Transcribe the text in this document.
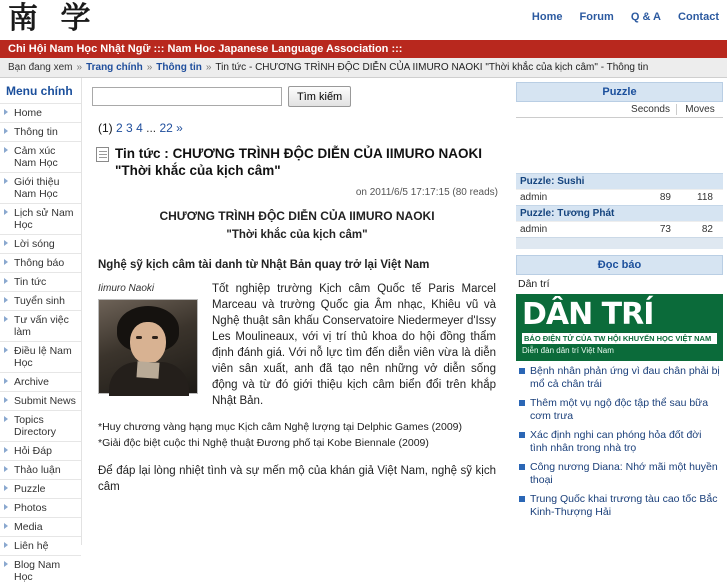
南 学	Home Forum Q & A Contact
Chi Hội Nam Học Nhật Ngữ ::: Nam Hoc Japanese Language Association :::
Bạn đang xem » Trang chính » Thông tin » Tin tức - CHƯƠNG TRÌNH ĐỘC DIỄN CỦA IIMURO NAOKI "Thời khắc của kịch câm" - Thông tin
Menu chính
Home
Thông tin
Cảm xúc Nam Học
Giới thiệu Nam Học
Lịch sử Nam Học
Lời sóng
Thông báo
Tin tức
Tuyển sinh
Tư vấn việc làm
Điều lệ Nam Học
Archive
Submit News
Topics Directory
Hỏi Đáp
Thảo luận
Puzzle
Photos
Media
Liên hệ
Blog Nam Học
Tìm kiếm
(1) 2 3 4 ... 22 »
Tin tức : CHƯƠNG TRÌNH ĐỘC DIỄN CỦA IIMURO NAOKI "Thời khắc của kịch câm"
on 2011/6/5 17:17:15 (80 reads)
CHƯƠNG TRÌNH ĐỘC DIỄN CỦA IIMURO NAOKI
"Thời khắc của kịch câm"
Nghệ sỹ kịch câm tài danh từ Nhật Bản quay trở lại Việt Nam
Iimuro Naoki	Tốt nghiệp trường Kịch câm Quốc tế Paris Marcel Marceau và trường Quốc gia Âm nhạc, Khiêu vũ và Nghệ thuật sân khấu Conservatoire Niedermeyer d'Issy Les Moulineaux, với vị trí thủ khoa do hội đồng thẩm định đánh giá. Với nỗ lực tìm đến diễn viên vừa là diễn viên sân xuất, anh đã tạo nên những vở diễn sống động và từ đó giới thiệu kịch câm biển đổi trên khắp Nhật Bản.
*Huy chương vàng hạng mục Kịch câm Nghệ lượng tại Delphic Games (2009)
*Giải độc biệt cuộc thi Nghệ thuật Đương phố tại Kobe Biennale (2009)
Để đáp lại lòng nhiệt tình và sự mến mộ của khán giả Việt Nam, nghệ sỹ kịch câm
Puzzle
Seconds	Moves
Puzzle: Sushi
admin	89	118
Puzzle: Tương Phát
admin	73	82
Đọc báo
Dân trí
DÂN TRÍ
BÁO ĐIỆN TỬ CỦA TW HỘI KHUYẾN HỌC VIỆT NAM
Diễn đàn dân trí Việt Nam
Bệnh nhân phản ứng vì đau chân phải bị mổ cả chân trái
Thêm một vụ ngộ độc tập thể sau bữa cơm trưa
Xác định nghi can phóng hỏa đốt đời tình nhân trong nhà trọ
Công nương Diana: Nhớ mãi một huyền thoại
Trung Quốc khai trương tàu cao tốc Bắc Kinh-Thượng Hải
